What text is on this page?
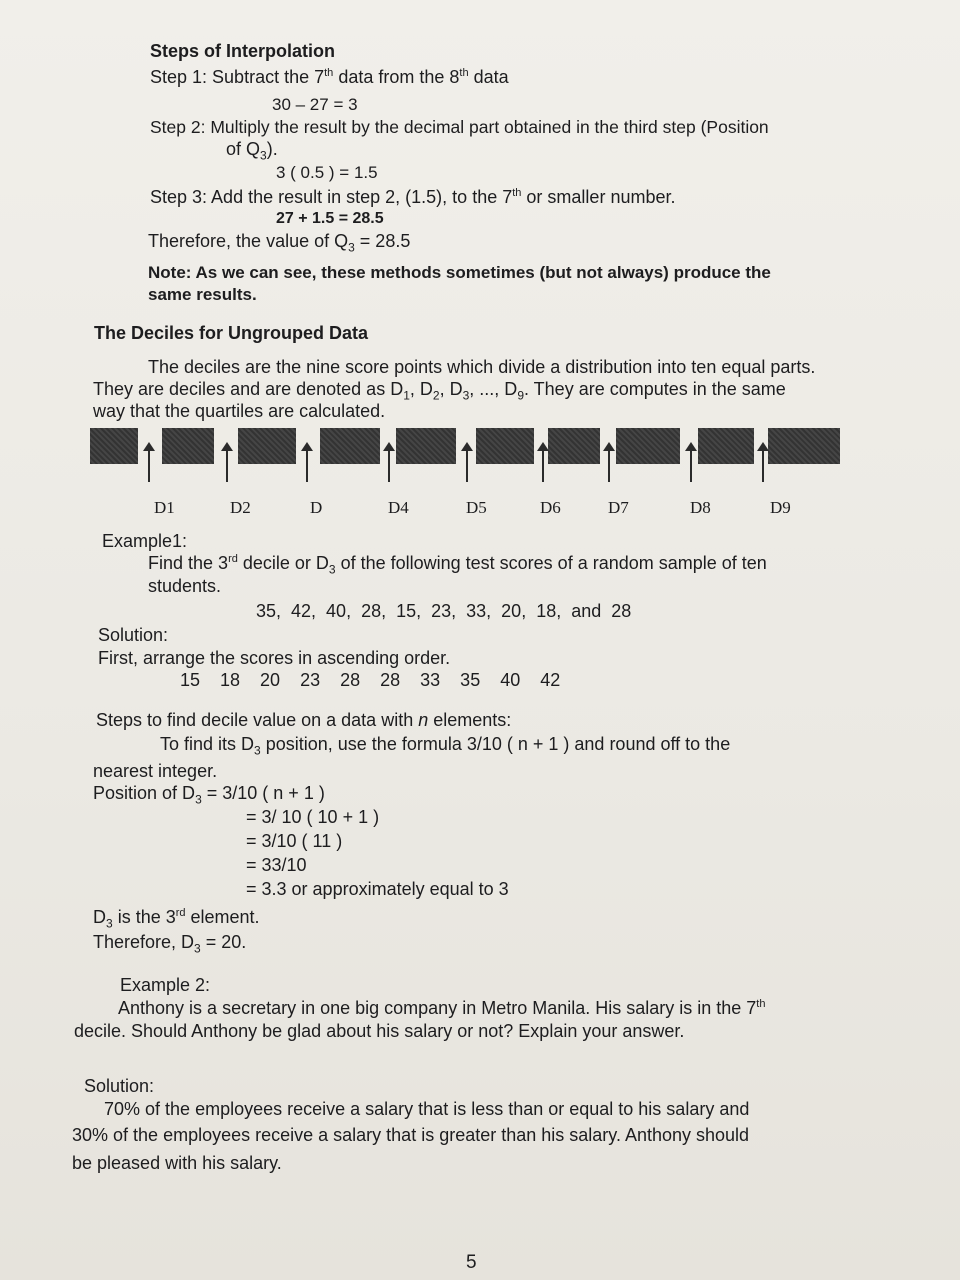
Steps of Interpolation
Step 1: Subtract the 7th data from the 8th data
30 – 27 = 3
Step 2: Multiply the result by the decimal part obtained in the third step (Position
of $Q_3$).
3 ( 0.5 ) = 1.5
Step 3: Add the result in step 2, (1.5), to the 7th or smaller number.
27 + 1.5 = 28.5
Therefore, the value of $Q_3 = 28.5$
Note: As we can see, these methods sometimes (but not always) produce the
same results.
The Deciles for Ungrouped Data
The deciles are the nine score points which divide a distribution into ten equal parts.
They are deciles and are denoted as $D_1$, $D_2$, $D_3$, ..., $D_9$. They are computes in the same
way that the quartiles are calculated.
D1	D2	D	D4	D5	D6	D7	D8	D9
Example1:
Find the 3rd decile or $D_3$ of the following test scores of a random sample of ten
students.
35,  42,  40,  28,  15,  23,  33,  20,  18,  and  28
Solution:
First, arrange the scores in ascending order.
15    18    20    23    28    28    33    35    40    42
Steps to find decile value on a data with n elements:
To find its $D_3$ position, use the formula 3/10 ( n + 1 ) and round off to the
nearest integer.
Position of $D_3 = 3/10$ ( n + 1 )
= 3/ 10 ( 10 + 1 )
= 3/10 ( 11 )
= 33/10
= 3.3 or approximately equal to 3
$D_3$ is the 3rd element.
Therefore, $D_3 = 20$.
Example 2:
Anthony is a secretary in one big company in Metro Manila. His salary is in the 7th
decile. Should Anthony be glad about his salary or not? Explain your answer.
Solution:
70% of the employees receive a salary that is less than or equal to his salary and
30% of the employees receive a salary that is greater than his salary. Anthony should
be pleased with his salary.
5
